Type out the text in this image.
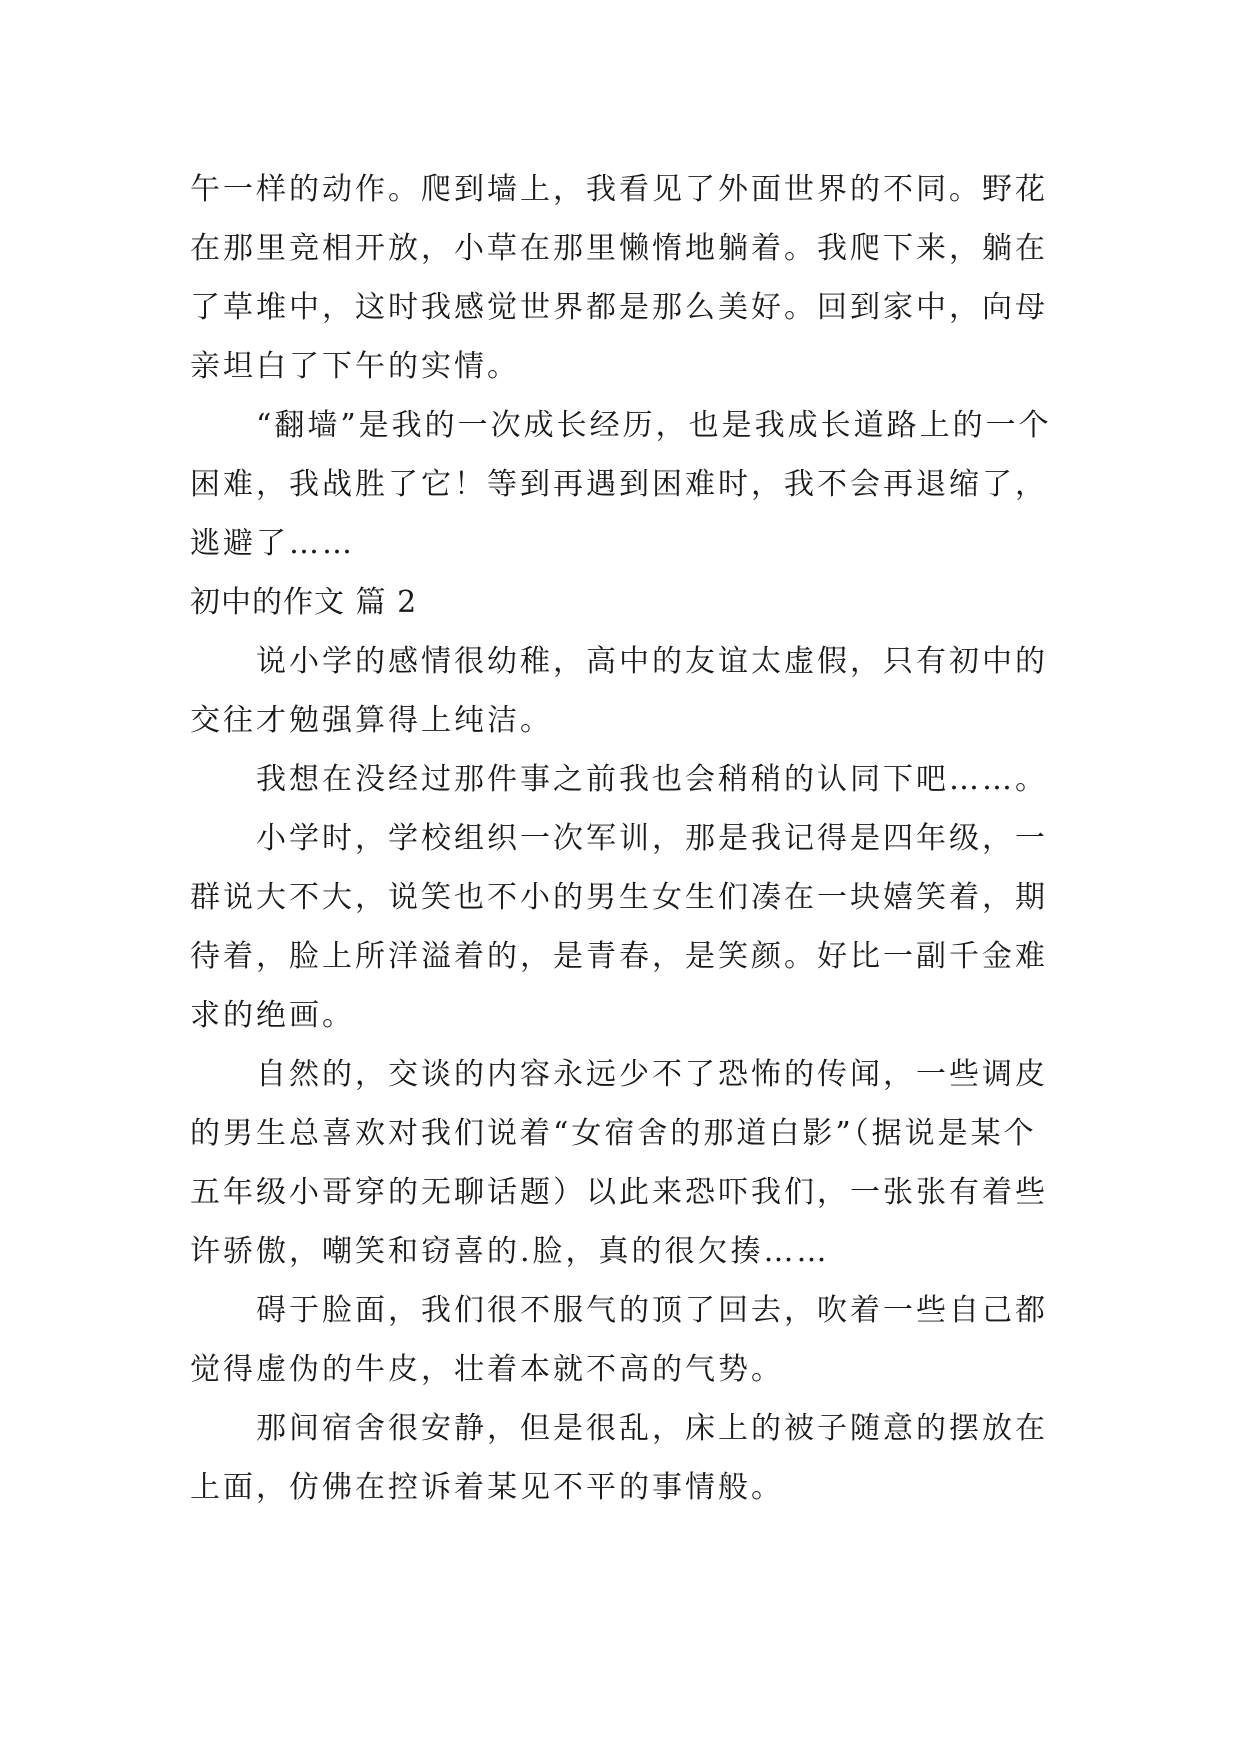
午一样的动作。爬到墙上，我看见了外面世界的不同。野花在那里竞相开放，小草在那里懒惰地躺着。我爬下来，躺在了草堆中，这时我感觉世界都是那么美好。回到家中，向母亲坦白了下午的实情。

“翻墙”是我的一次成长经历，也是我成长道路上的一个困难，我战胜了它！等到再遇到困难时，我不会再退缩了，逃避了……

初中的作文 篇 2

说小学的感情很幼稚，高中的友谊太虚假，只有初中的交往才勉强算得上纯洁。

我想在没经过那件事之前我也会稍稍的认同下吧……。

小学时，学校组织一次军训，那是我记得是四年级，一群说大不大，说笑也不小的男生女生们凑在一块嬉笑着，期待着，脸上所洋溢着的，是青春，是笑颜。好比一副千金难求的绝画。

自然的，交谈的内容永远少不了恐怖的传闻，一些调皮的男生总喜欢对我们说着“女宿舍的那道白影”（据说是某个五年级小哥穿的无聊话题）以此来恐吓我们，一张张有着些许骄傲，嘲笑和窃喜的.脸，真的很欠揍……

碍于脸面，我们很不服气的顶了回去，吹着一些自己都觉得虚伪的牛皮，壮着本就不高的气势。

那间宿舍很安静，但是很乱，床上的被子随意的摆放在上面，仿佛在控诉着某见不平的事情般。
